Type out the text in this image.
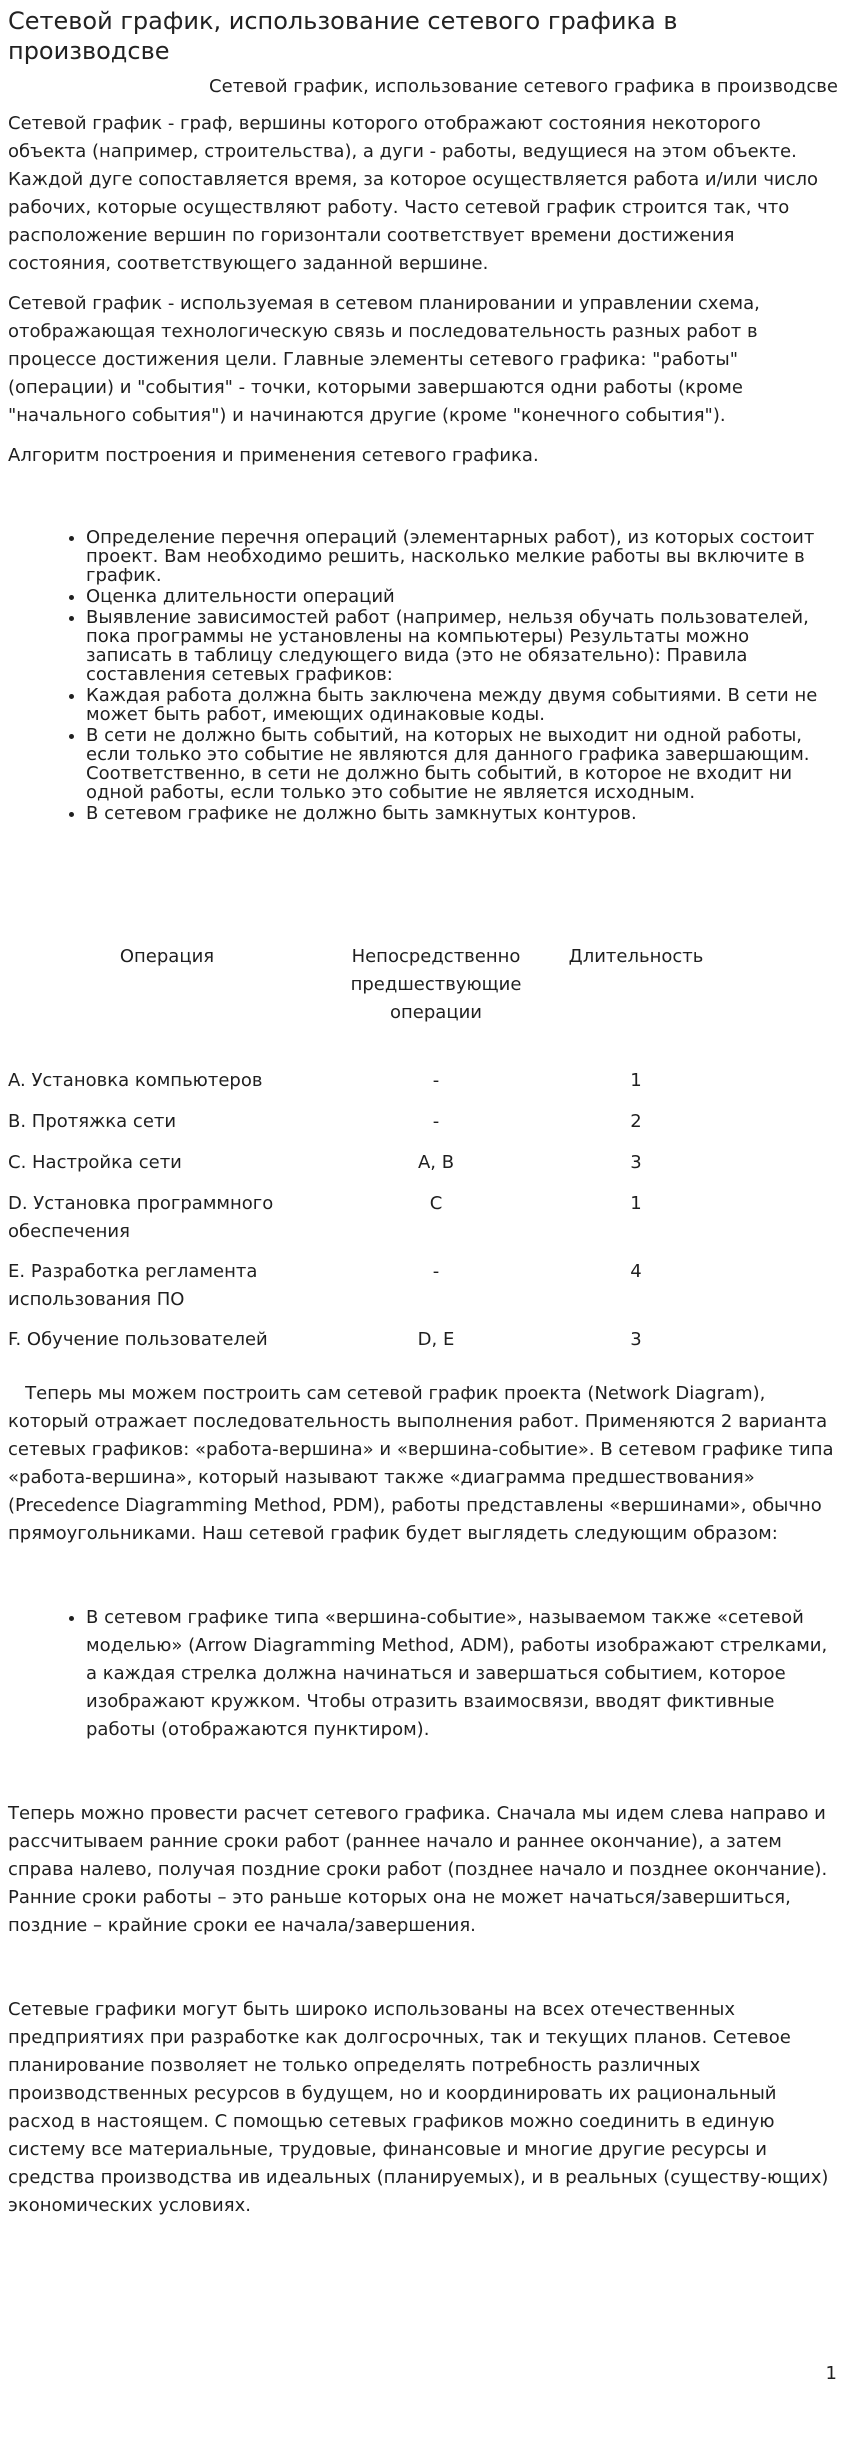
Сетевой график, использование сетевого графика в производсве
Сетевой график, использование сетевого графика в производсве

Сетевой график - граф, вершины которого отображают состояния некоторого объекта (например, строительства), а дуги - работы, ведущиеся на этом объекте. Каждой дуге сопоставляется время, за которое осуществляется работа и/или число рабочих, которые осуществляют работу. Часто сетевой график строится так, что расположение вершин по горизонтали соответствует времени достижения состояния, соответствующего заданной вершине.

Сетевой график - используемая в сетевом планировании и управлении схема, отображающая технологическую связь и последовательность разных работ в процессе достижения цели. Главные элементы сетевого графика: "работы" (операции) и "события" - точки, которыми завершаются одни работы (кроме "начального события") и начинаются другие (кроме "конечного события").

Алгоритм построения и применения сетевого графика.

• Определение перечня операций (элементарных работ), из которых состоит проект. Вам необходимо решить, насколько мелкие работы вы включите в график.
• Оценка длительности операций
• Выявление зависимостей работ (например, нельзя обучать пользователей, пока программы не установлены на компьютеры) Результаты можно записать в таблицу следующего вида (это не обязательно): Правила составления сетевых графиков:
• Каждая работа должна быть заключена между двумя событиями. В сети не может быть работ, имеющих одинаковые коды.
• В сети не должно быть событий, на которых не выходит ни одной работы, если только это событие не являются для данного графика завершающим. Соответственно, в сети не должно быть событий, в которое не входит ни одной работы, если только это событие не является исходным.
• В сетевом графике не должно быть замкнутых контуров.
Операция	Непосредственно предшествующие операции	Длительность

A. Установка компьютеров	-	1
B. Протяжка сети	-	2
C. Настройка сети	A, B	3
D. Установка программного обеспечения	C	1
E. Разработка регламента использования ПО	-	4
F. Обучение пользователей	D, E	3

Теперь мы можем построить сам сетевой график проекта (Network Diagram), который отражает последовательность выполнения работ. Применяются 2 варианта сетевых графиков: «работа-вершина» и «вершина-событие». В сетевом графике типа «работа-вершина», который называют также «диаграмма предшествования» (Precedence Diagramming Method, PDM), работы представлены «вершинами», обычно прямоугольниками. Наш сетевой график будет выглядеть следующим образом:

• В сетевом графике типа «вершина-событие», называемом также «сетевой моделью» (Arrow Diagramming Method, ADM), работы изображают стрелками, а каждая стрелка должна начинаться и завершаться событием, которое изображают кружком. Чтобы отразить взаимосвязи, вводят фиктивные работы (отображаются пунктиром).

Теперь можно провести расчет сетевого графика. Сначала мы идем слева направо и рассчитываем ранние сроки работ (раннее начало и раннее окончание), а затем справа налево, получая поздние сроки работ (позднее начало и позднее окончание). Ранние сроки работы – это раньше которых она не может начаться/завершиться, поздние – крайние сроки ее начала/завершения.

Сетевые графики могут быть широко использованы на всех отечественных предприятиях при разработке как долгосрочных, так и текущих планов. Сетевое планирование позволяет не только определять потребность различных производственных ресурсов в будущем, но и координировать их рациональный расход в настоящем. С помощью сетевых графиков можно соединить в единую систему все материальные, трудовые, финансовые и многие другие ресурсы и средства производства ив идеальных (планируемых), и в реальных (существу-ющих) экономических условиях.

1
